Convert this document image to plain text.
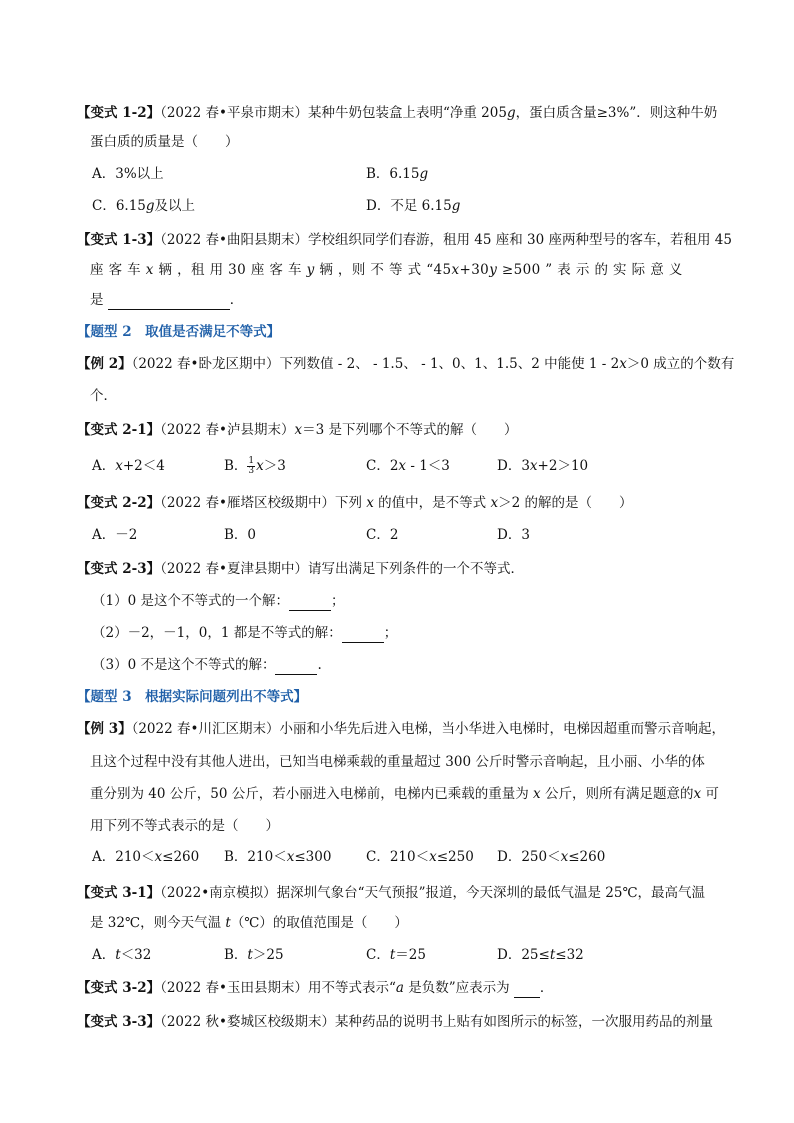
【变式 1-2】（2022 春•平泉市期末）某种牛奶包装盒上表明“净重 205g，蛋白质含量≥3%”．则这种牛奶
蛋白质的质量是（　　）
A．3%以上	B．6.15g
C．6.15g及以上	D．不足 6.15g
【变式 1-3】（2022 春•曲阳县期末）学校组织同学们春游，租用 45 座和 30 座两种型号的客车，若租用 45
座 客 车 x 辆 ，租 用 30 座 客 车 y 辆 ，则 不 等 式 “45x+30y ≥500 ” 表 示 的 实 际 意 义
是	．
【题型 2　取值是否满足不等式】
【例 2】（2022 春•卧龙区期中）下列数值 - 2、 - 1.5、 - 1、0、1、1.5、2 中能使 1 - 2x＞0 成立的个数有
个．
【变式 2-1】（2022 春•泸县期末）x＝3 是下列哪个不等式的解（　　）
A．x+2＜4	B． $\frac{1}{3} x>3$	C．2x - 1＜3	D．3x+2＞10
【变式 2-2】（2022 春•雁塔区校级期中）下列 x 的值中，是不等式 x＞2 的解的是（　　）
A．－2	B．0	C．2	D．3
【变式 2-3】（2022 春•夏津县期中）请写出满足下列条件的一个不等式．
（1）0 是这个不等式的一个解：	；
（2）－2，－1，0，1 都是不等式的解：	；
（3）0 不是这个不等式的解：	.
【题型 3　根据实际问题列出不等式】
【例 3】（2022 春•川汇区期末）小丽和小华先后进入电梯，当小华进入电梯时，电梯因超重而警示音响起，
且这个过程中没有其他人进出，已知当电梯乘载的重量超过 300 公斤时警示音响起，且小丽、小华的体
重分别为 40 公斤，50 公斤，若小丽进入电梯前，电梯内已乘载的重量为 x 公斤，则所有满足题意的x 可
用下列不等式表示的是（　　）
A．210＜x≤260 B．210＜x≤300	C．210＜x≤250 D．250＜x≤260
【变式 3-1】（2022•南京模拟）据深圳气象台“天气预报”报道，今天深圳的最低气温是 25℃，最高气温
是 32℃，则今天气温 t（℃）的取值范围是（　　）
A．t＜32	B．t＞25	C．t＝25	D．25≤t≤32
【变式 3-2】（2022 春•玉田县期末）用不等式表示“a 是负数”应表示为 ．
【变式 3-3】（2022 秋•婺城区校级期末）某种药品的说明书上贴有如图所示的标签，一次服用药品的剂量
